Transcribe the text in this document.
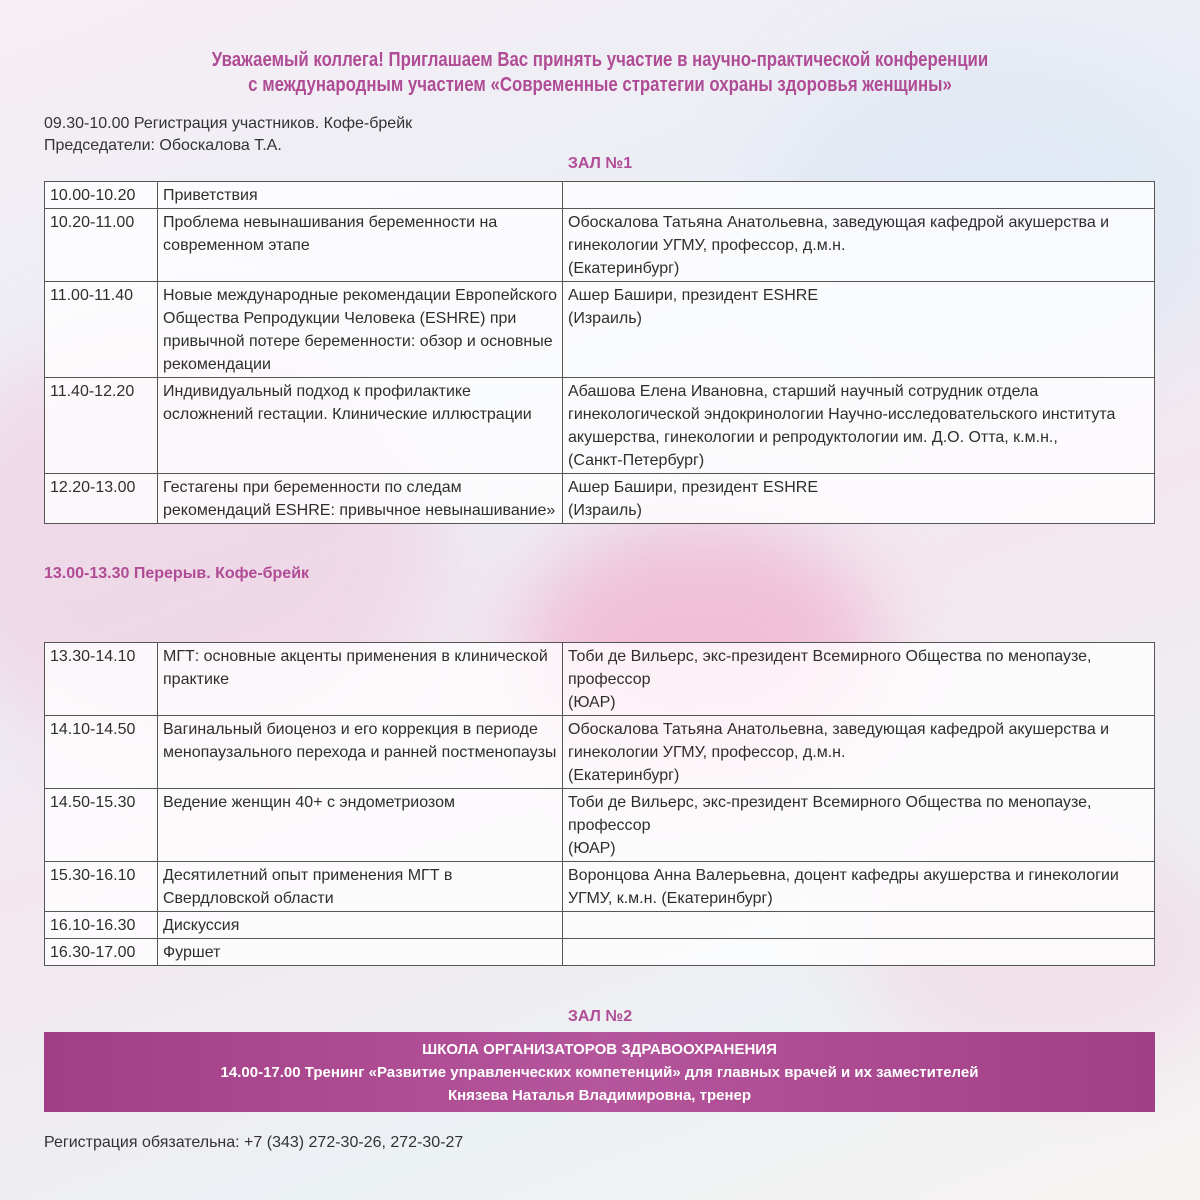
Уважаемый коллега! Приглашаем Вас принять участие в научно-практической конференции
с международным участием «Современные стратегии охраны здоровья женщины»
09.30-10.00 Регистрация участников. Кофе-брейк
Председатели: Обоскалова Т.А.
ЗАЛ №1
10.00-10.20	Приветствия	

10.20-11.00	Проблема невынашивания беременности на современном этапе	Обоскалова Татьяна Анатольевна, заведующая кафедрой акушерства и гинекологии УГМУ, профессор, д.м.н.
(Екатеринбург)

11.00-11.40	Новые международные рекомендации Европейского Общества Репродукции Человека (ESHRE) при привычной потере беременности: обзор и основные рекомендации	Ашер Башири, президент ESHRE
(Израиль)

11.40-12.20	Индивидуальный подход к профилактике осложнений гестации. Клинические иллюстрации	Абашова Елена Ивановна, старший научный сотрудник отдела гинекологической эндокринологии Научно-исследовательского института акушерства, гинекологии и репродуктологии им. Д.О. Отта, к.м.н.,
(Санкт-Петербург)

12.20-13.00	Гестагены при беременности по следам рекомендаций ESHRE: привычное невынашивание»	Ашер Башири, президент ESHRE
(Израиль)
13.00-13.30 Перерыв. Кофе-брейк
13.30-14.10	МГТ: основные акценты применения в клинической практике	Тоби де Вильерс, экс-президент Всемирного Общества по менопаузе, профессор
(ЮАР)

14.10-14.50	Вагинальный биоценоз и его коррекция в периоде менопаузального перехода и ранней постменопаузы	Обоскалова Татьяна Анатольевна, заведующая кафедрой акушерства и гинекологии УГМУ, профессор, д.м.н.
(Екатеринбург)

14.50-15.30	Ведение женщин 40+ с эндометриозом	Тоби де Вильерс, экс-президент Всемирного Общества по менопаузе, профессор
(ЮАР)

15.30-16.10	Десятилетний опыт применения МГТ в Свердловской области	Воронцова Анна Валерьевна, доцент кафедры акушерства и гинекологии УГМУ, к.м.н. (Екатеринбург)

16.10-16.30	Дискуссия	

16.30-17.00	Фуршет	
ЗАЛ №2
ШКОЛА ОРГАНИЗАТОРОВ ЗДРАВООХРАНЕНИЯ
14.00-17.00 Тренинг «Развитие управленческих компетенций» для главных врачей и их заместителей
Князева Наталья Владимировна, тренер
Регистрация обязательна: +7 (343) 272-30-26, 272-30-27
